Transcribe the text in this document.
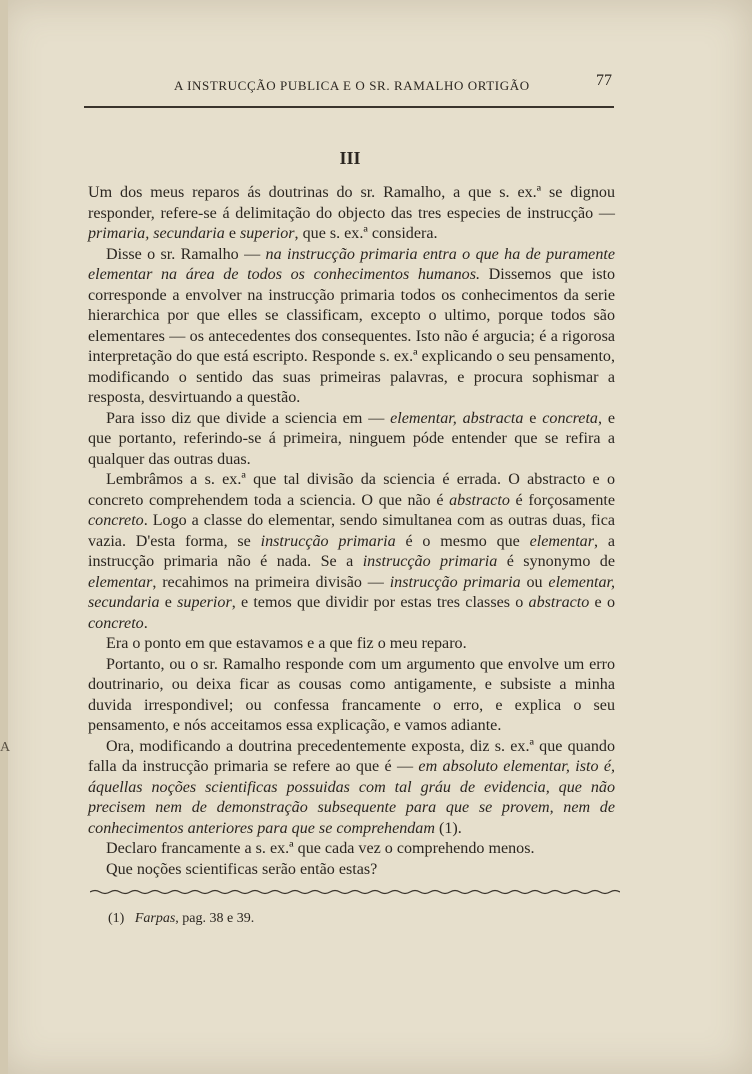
A INSTRUCÇÃO PUBLICA E O SR. RAMALHO ORTIGÃO	77
III

Um dos meus reparos ás doutrinas do sr. Ramalho, a que s. ex.ª se dignou responder, refere-se á delimitação do objecto das tres especies de instrucção — primaria, secundaria e superior, que s. ex.ª considera.

Disse o sr. Ramalho — na instrucção primaria entra o que ha de puramente elementar na área de todos os conhecimentos humanos. Dissemos que isto corresponde a envolver na instrucção primaria todos os conhecimentos da serie hierarchica por que elles se classificam, excepto o ultimo, porque todos são elementares — os antecedentes dos consequentes. Isto não é argucia; é a rigorosa interpretação do que está escripto. Responde s. ex.ª explicando o seu pensamento, modificando o sentido das suas primeiras palavras, e procura sophismar a resposta, desvirtuando a questão.

Para isso diz que divide a sciencia em — elementar, abstracta e concreta, e que portanto, referindo-se á primeira, ninguem póde entender que se refira a qualquer das outras duas.

Lembrâmos a s. ex.ª que tal divisão da sciencia é errada. O abstracto e o concreto comprehendem toda a sciencia. O que não é abstracto é forçosamente concreto. Logo a classe do elementar, sendo simultanea com as outras duas, fica vazia. D'esta forma, se instrucção primaria é o mesmo que elementar, a instrucção primaria não é nada. Se a instrucção primaria é synonymo de elementar, recahimos na primeira divisão — instrucção primaria ou elementar, secundaria e superior, e temos que dividir por estas tres classes o abstracto e o concreto.

Era o ponto em que estavamos e a que fiz o meu reparo.

Portanto, ou o sr. Ramalho responde com um argumento que envolve um erro doutrinario, ou deixa ficar as cousas como antigamente, e subsiste a minha duvida irrespondivel; ou confessa francamente o erro, e explica o seu pensamento, e nós acceitamos essa explicação, e vamos adiante.

Ora, modificando a doutrina precedentemente exposta, diz s. ex.ª que quando falla da instrucção primaria se refere ao que é — em absoluto elementar, isto é, áquellas noções scientificas possuidas com tal gráu de evidencia, que não precisem nem de demonstração subsequente para que se provem, nem de conhecimentos anteriores para que se comprehendam (1).

Declaro francamente a s. ex.ª que cada vez o comprehendo menos.

Que noções scientificas serão então estas?

(1) Farpas, pag. 38 e 39.
A
